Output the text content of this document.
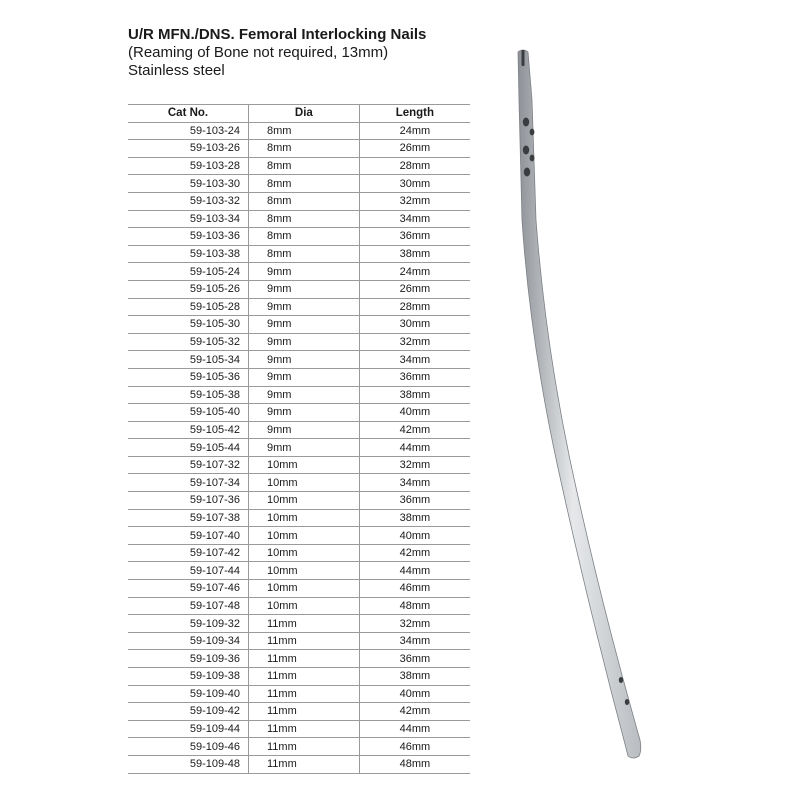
U/R MFN./DNS. Femoral Interlocking Nails
(Reaming of Bone not required, 13mm)
Stainless steel
Cat No.	Dia	Length
59-103-24	8mm	24mm
59-103-26	8mm	26mm
59-103-28	8mm	28mm
59-103-30	8mm	30mm
59-103-32	8mm	32mm
59-103-34	8mm	34mm
59-103-36	8mm	36mm
59-103-38	8mm	38mm
59-105-24	9mm	24mm
59-105-26	9mm	26mm
59-105-28	9mm	28mm
59-105-30	9mm	30mm
59-105-32	9mm	32mm
59-105-34	9mm	34mm
59-105-36	9mm	36mm
59-105-38	9mm	38mm
59-105-40	9mm	40mm
59-105-42	9mm	42mm
59-105-44	9mm	44mm
59-107-32	10mm	32mm
59-107-34	10mm	34mm
59-107-36	10mm	36mm
59-107-38	10mm	38mm
59-107-40	10mm	40mm
59-107-42	10mm	42mm
59-107-44	10mm	44mm
59-107-46	10mm	46mm
59-107-48	10mm	48mm
59-109-32	11mm	32mm
59-109-34	11mm	34mm
59-109-36	11mm	36mm
59-109-38	11mm	38mm
59-109-40	11mm	40mm
59-109-42	11mm	42mm
59-109-44	11mm	44mm
59-109-46	11mm	46mm
59-109-48	11mm	48mm
